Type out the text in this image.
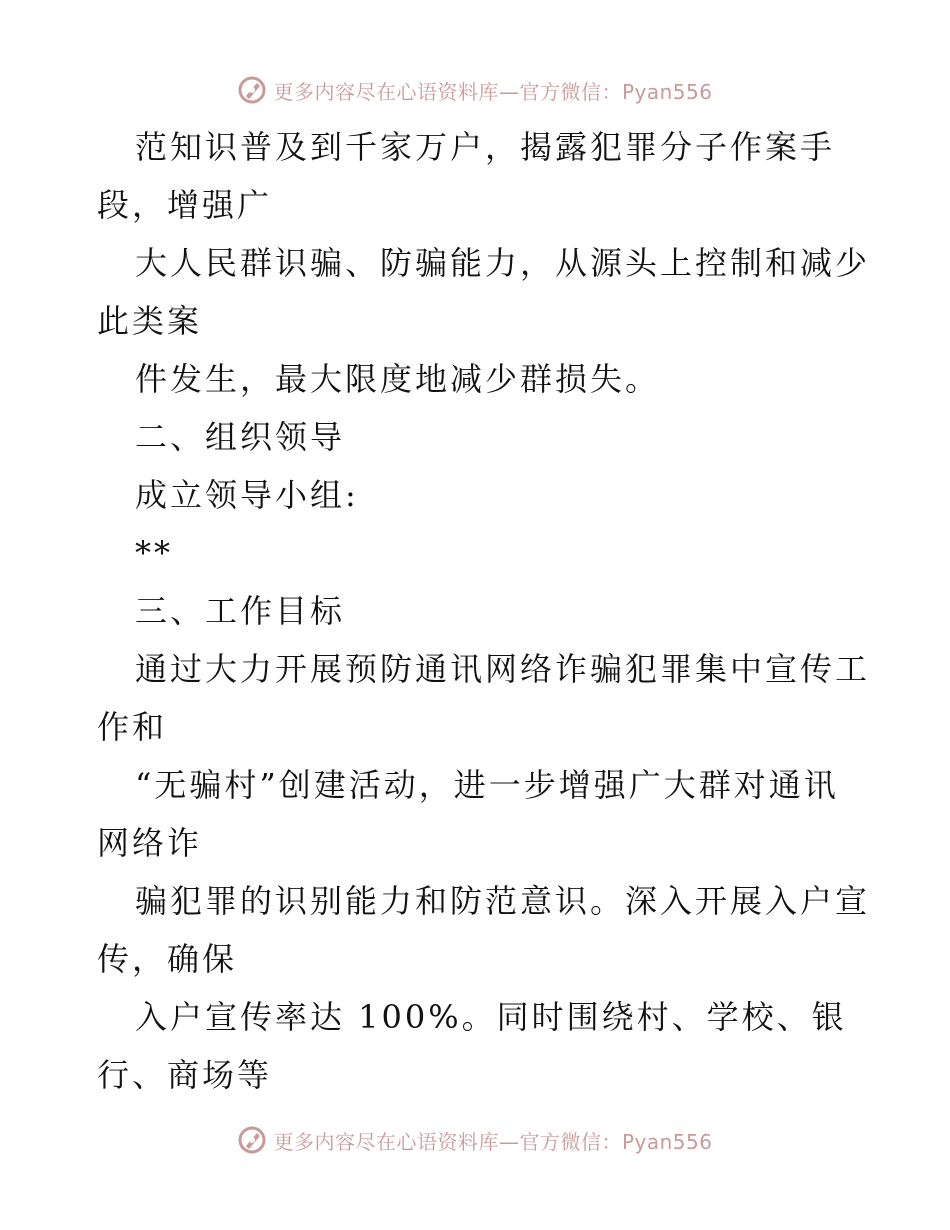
更多内容尽在心语资料库—官方微信：Pyan556
范知识普及到千家万户，揭露犯罪分子作案手
段，增强广
大人民群识骗、防骗能力，从源头上控制和减少
此类案
件发生，最大限度地减少群损失。
二、组织领导
成立领导小组:
**
三、工作目标
通过大力开展预防通讯网络诈骗犯罪集中宣传工
作和
“无骗村”创建活动，进一步增强广大群对通讯
网络诈
骗犯罪的识别能力和防范意识。深入开展入户宣
传，确保
入户宣传率达 100%。同时围绕村、学校、银
行、商场等
更多内容尽在心语资料库—官方微信：Pyan556
